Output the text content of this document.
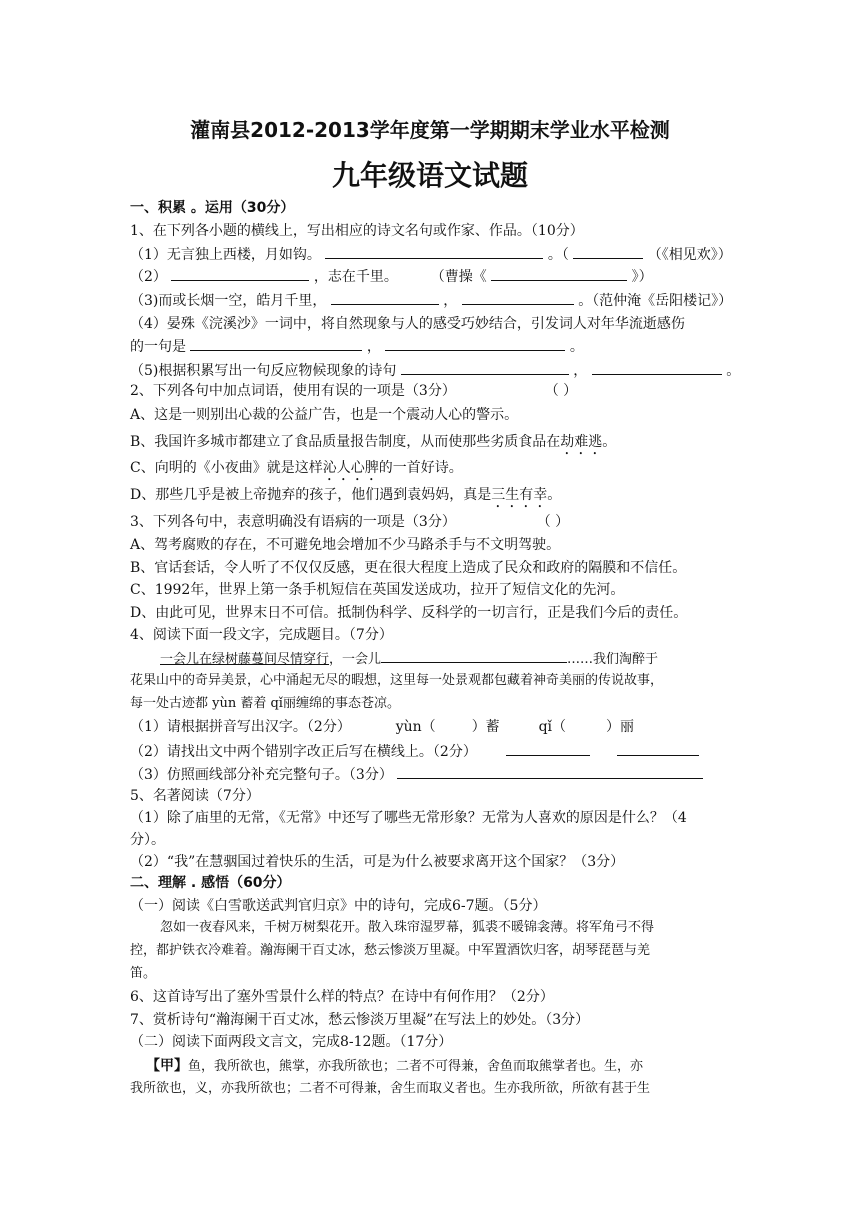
灌南县2012-2013学年度第一学期期末学业水平检测
九年级语文试题
一、积累 。运用（30分）
1、在下列各小题的横线上，写出相应的诗文名句或作家、作品。（10分）
（1）无言独上西楼，月如钩。	。（	（《相见欢》）
（2）	，志在千里。 （曹操《	》）
（3)而或长烟一空，皓月千里，	，	。（范仲淹《岳阳楼记》）
（4）晏殊《浣溪沙》一词中，将自然现象与人的感受巧妙结合，引发词人对年华流逝感伤
的一句是	，	。
（5)根据积累写出一句反应物候现象的诗句	，	。
2、下列各句中加点词语，使用有误的一项是（3分）	（ ）
A、这是一则别出心裁的公益广告，也是一个震动人心的警示。
B、我国许多城市都建立了食品质量报告制度，从而使那些劣质食品在劫难逃。
C、向明的《小夜曲》就是这样沁人心脾的一首好诗。
D、那些几乎是被上帝抛弃的孩子，他们遇到袁妈妈，真是三生有幸。
3、下列各句中，表意明确没有语病的一项是（3分）	（ ）
A、驾考腐败的存在，不可避免地会增加不少马路杀手与不文明驾驶。
B、官话套话，令人听了不仅仅反感，更在很大程度上造成了民众和政府的隔膜和不信任。
C、1992年，世界上第一条手机短信在英国发送成功，拉开了短信文化的先河。
D、由此可见，世界末日不可信。抵制伪科学、反科学的一切言行，正是我们今后的责任。
4、阅读下面一段文字，完成题目。（7分）
一会儿在绿树藤蔓间尽情穿行，一会儿	……我们淘醉于
花果山中的奇异美景，心中涌起无尽的暇想，这里每一处景观都包藏着神奇美丽的传说故事，
每一处古迹都 yùn 蓄着 qǐ丽缠绵的事态苍凉。
（1）请根据拼音写出汉字。（2分）	yùn（	）蓄	qǐ（	）丽
（2）请找出文中两个错别字改正后写在横线上。（2分）
（3）仿照画线部分补充完整句子。（3分）
5、名著阅读（7分）
（1）除了庙里的无常，《无常》中还写了哪些无常形象？无常为人喜欢的原因是什么？（4
分）。
（2）“我”在慧骃国过着快乐的生活，可是为什么被要求离开这个国家？（3分）
二、理解 . 感悟（60分）
（一）阅读《白雪歌送武判官归京》中的诗句，完成6-7题。（5分）
忽如一夜春风来，千树万树梨花开。散入珠帘湿罗幕，狐裘不暖锦衾薄。将军角弓不得
控，都护铁衣冷难着。瀚海阑干百丈冰，愁云惨淡万里凝。中军置酒饮归客，胡琴琵琶与羌
笛。
6、这首诗写出了塞外雪景什么样的特点？在诗中有何作用？（2分）
7、赏析诗句“瀚海阑干百丈冰，愁云惨淡万里凝”在写法上的妙处。（3分）
（二）阅读下面两段文言文，完成8-12题。（17分）
【甲】鱼，我所欲也，熊掌，亦我所欲也；二者不可得兼，舍鱼而取熊掌者也。生，亦
我所欲也，义，亦我所欲也；二者不可得兼，舍生而取义者也。生亦我所欲，所欲有甚于生
